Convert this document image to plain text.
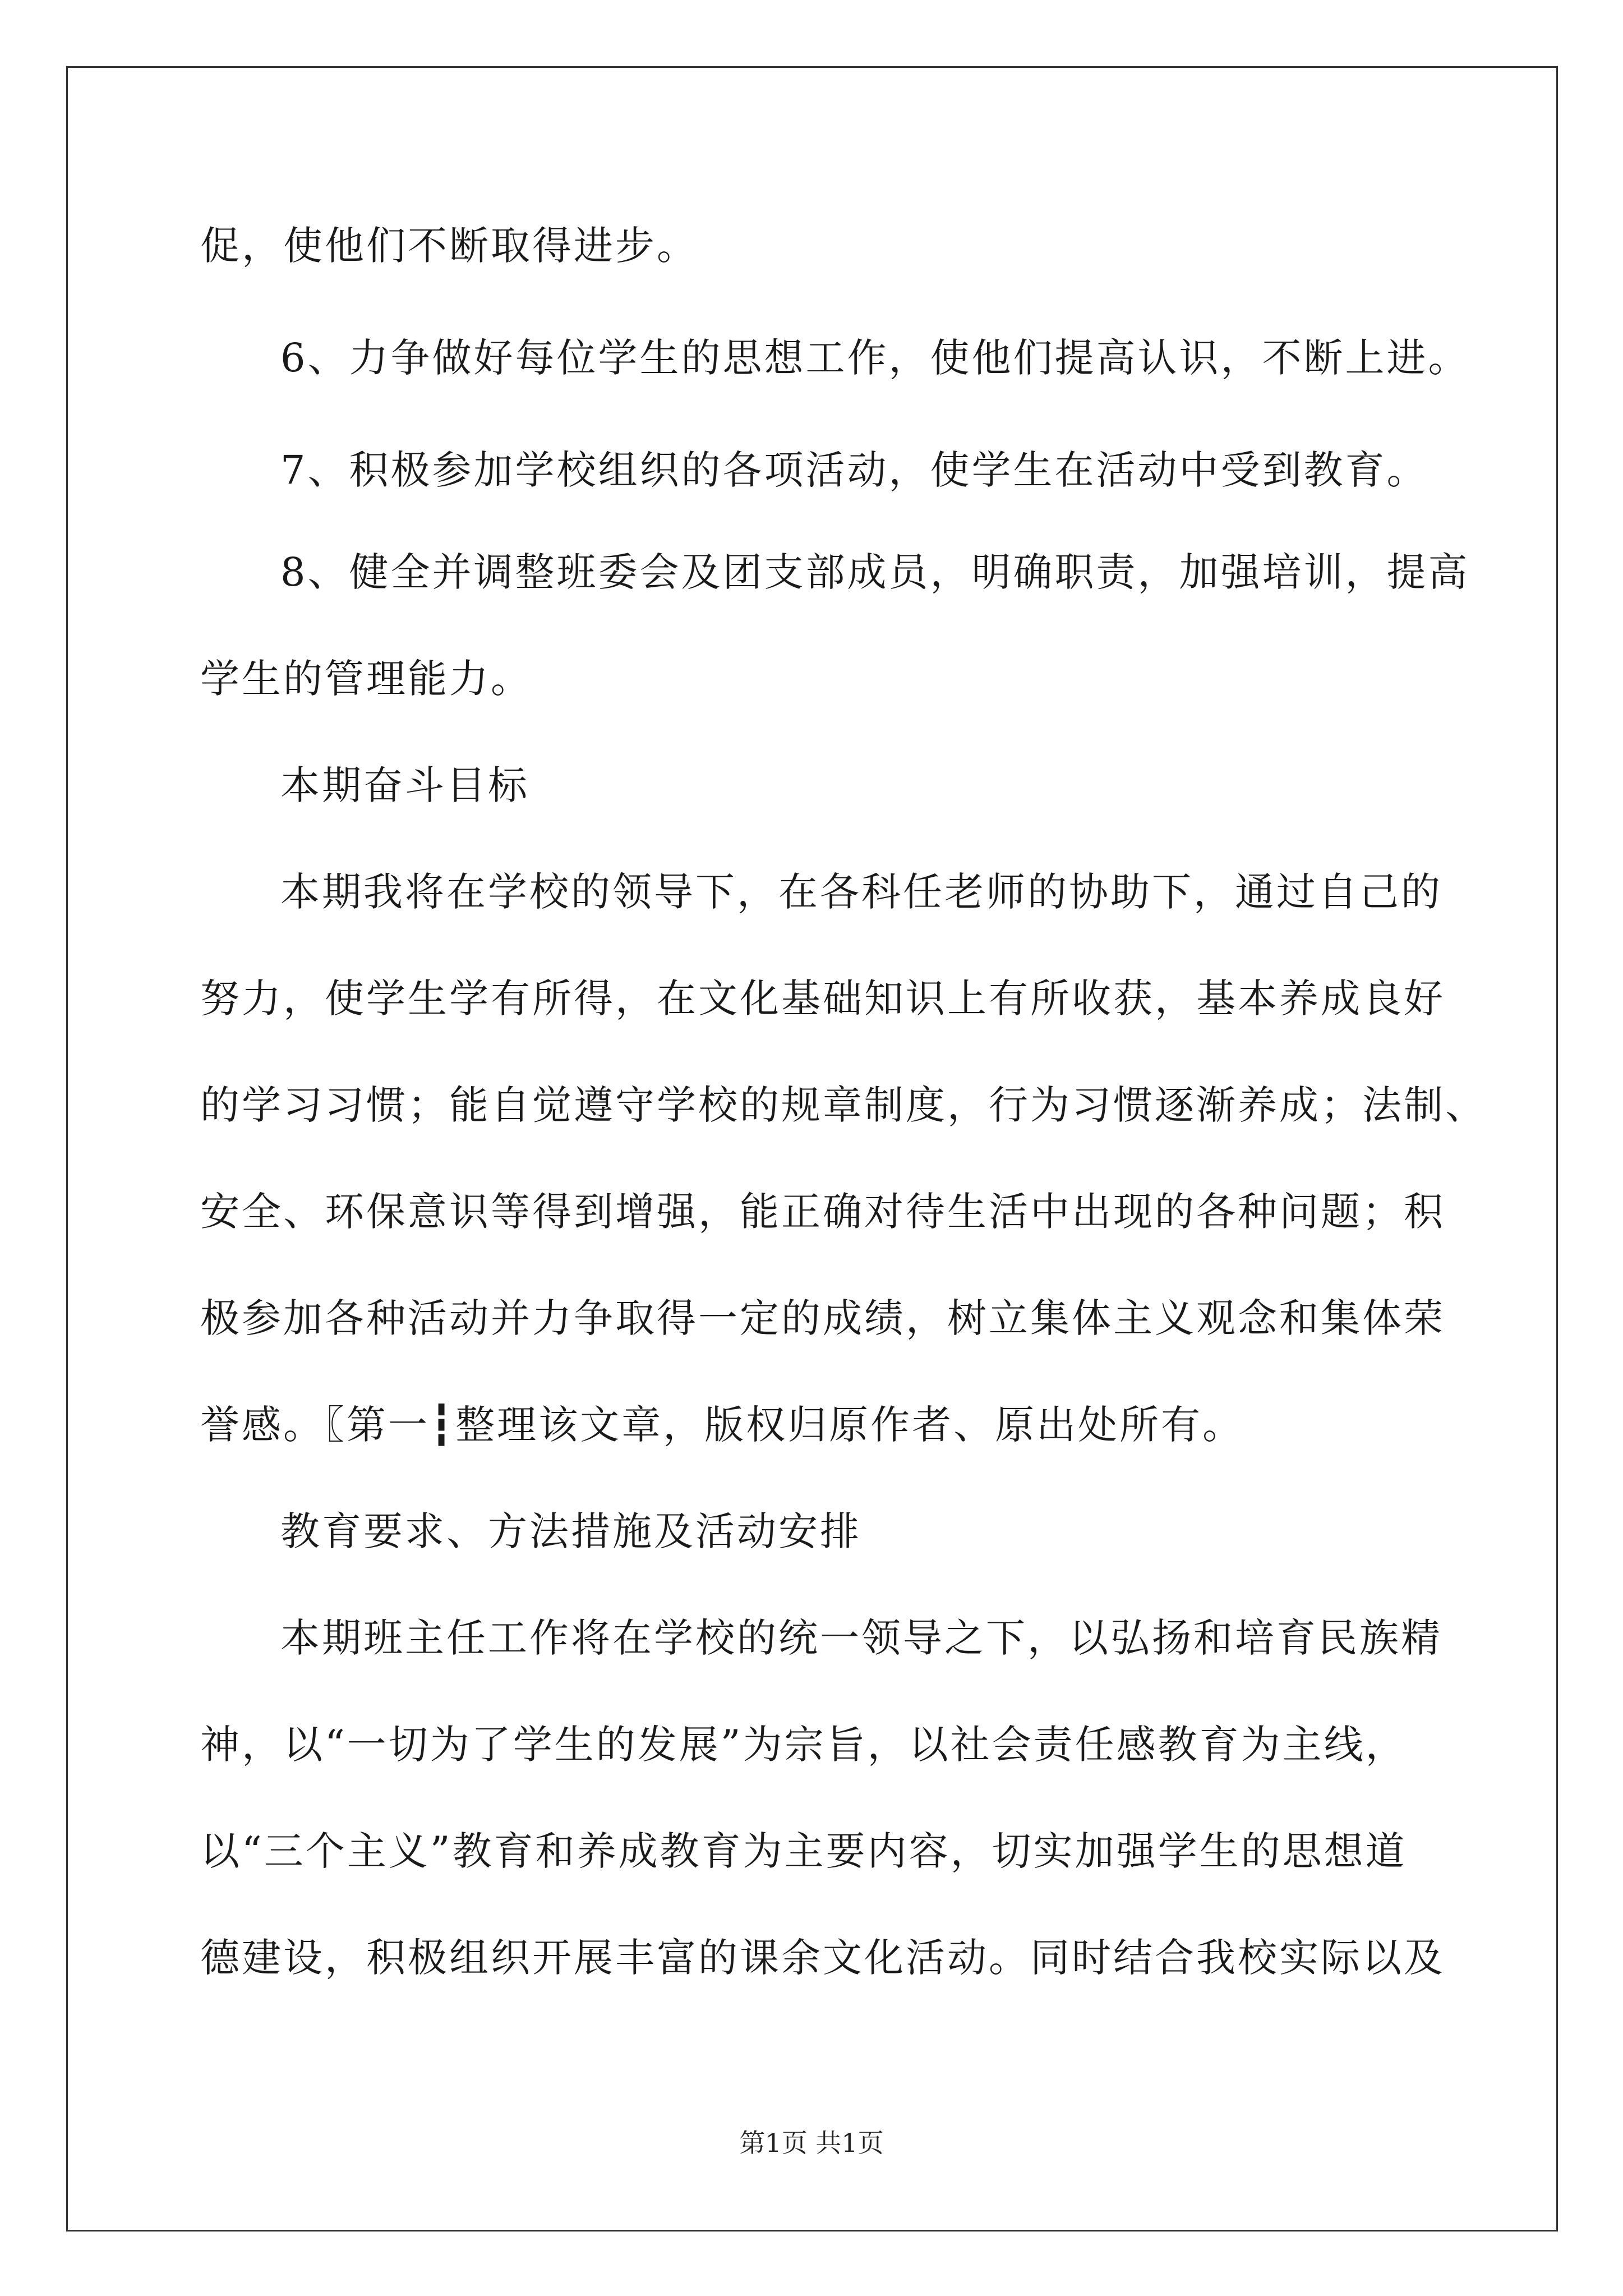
促，使他们不断取得进步。
6、力争做好每位学生的思想工作，使他们提高认识，不断上进。
7、积极参加学校组织的各项活动，使学生在活动中受到教育。
8、健全并调整班委会及团支部成员，明确职责，加强培训，提高
学生的管理能力。
本期奋斗目标
本期我将在学校的领导下，在各科任老师的协助下，通过自己的
努力，使学生学有所得，在文化基础知识上有所收获，基本养成良好
的学习习惯；能自觉遵守学校的规章制度，行为习惯逐渐养成；法制、
安全、环保意识等得到增强，能正确对待生活中出现的各种问题；积
极参加各种活动并力争取得一定的成绩，树立集体主义观念和集体荣
誉感。〖第一┇整理该文章，版权归原作者、原出处所有。
教育要求、方法措施及活动安排
本期班主任工作将在学校的统一领导之下，以弘扬和培育民族精
神，以“一切为了学生的发展”为宗旨，以社会责任感教育为主线，
以“三个主义”教育和养成教育为主要内容，切实加强学生的思想道
德建设，积极组织开展丰富的课余文化活动。同时结合我校实际以及
第1页 共1页
